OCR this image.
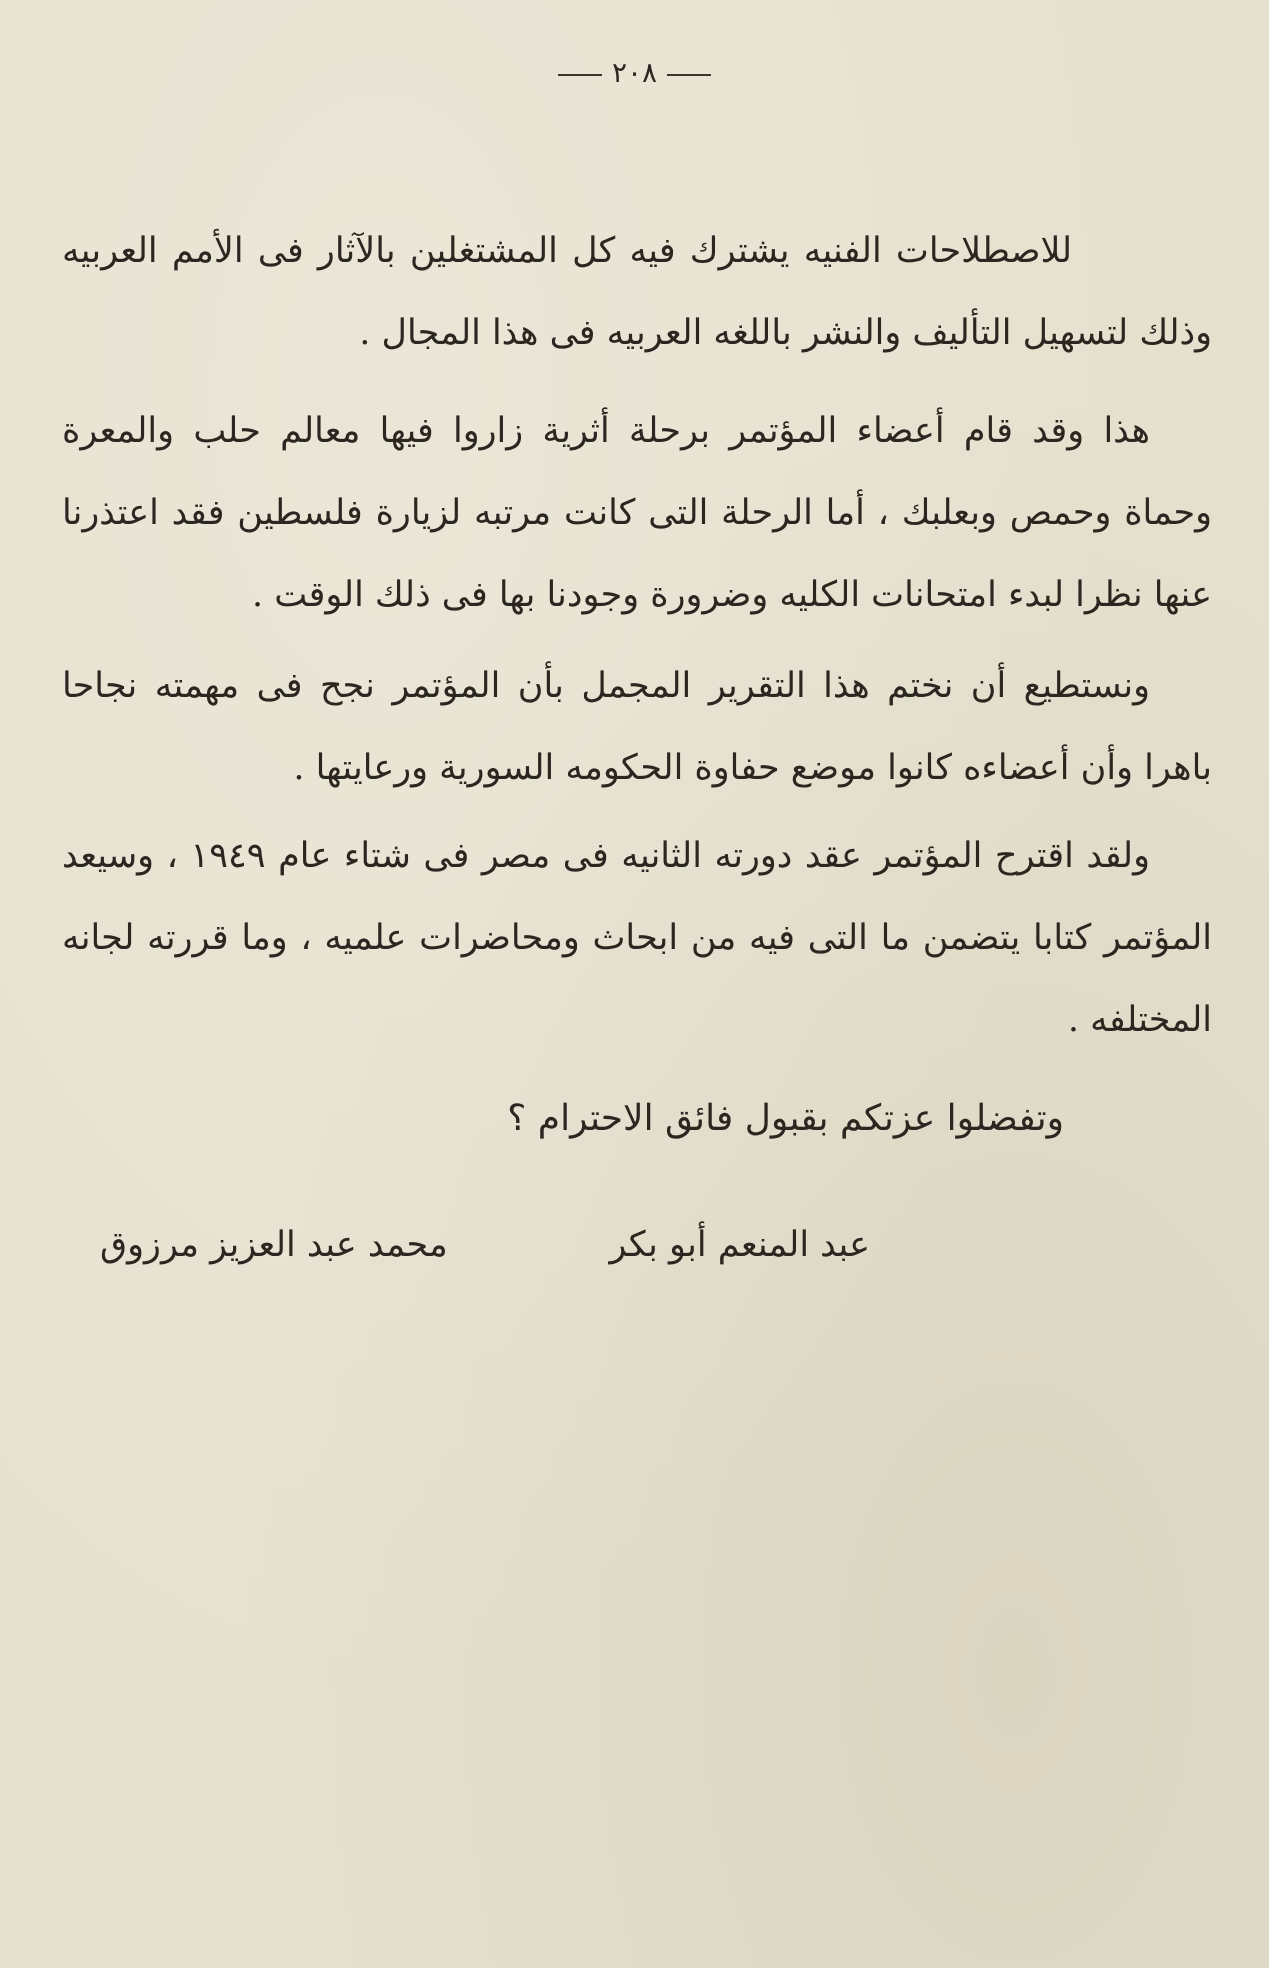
٢٠٨

للاصطلاحات الفنيه يشترك فيه كل المشتغلين بالآثار فى الأمم العربيه وذلك لتسهيل التأليف والنشر باللغه العربيه فى هذا المجال .

هذا وقد قام أعضاء المؤتمر برحلة أثرية زاروا فيها معالم حلب والمعرة وحماة وحمص وبعلبك ، أما الرحلة التى كانت مرتبه لزيارة فلسطين فقد اعتذرنا عنها نظرا لبدء امتحانات الكليه وضرورة وجودنا بها فى ذلك الوقت .

ونستطيع أن نختم هذا التقرير المجمل بأن المؤتمر نجح فى مهمته نجاحا باهرا وأن أعضاءه كانوا موضع حفاوة الحكومه السورية ورعايتها .

ولقد اقترح المؤتمر عقد دورته الثانيه فى مصر فى شتاء عام ١٩٤٩ ، وسيعد المؤتمر كتابا يتضمن ما التى فيه من ابحاث ومحاضرات علميه ، وما قررته لجانه المختلفه .

وتفضلوا عزتكم بقبول فائق الاحترام ؟
عبد المنعم أبو بكر
محمد عبد العزيز مرزوق
